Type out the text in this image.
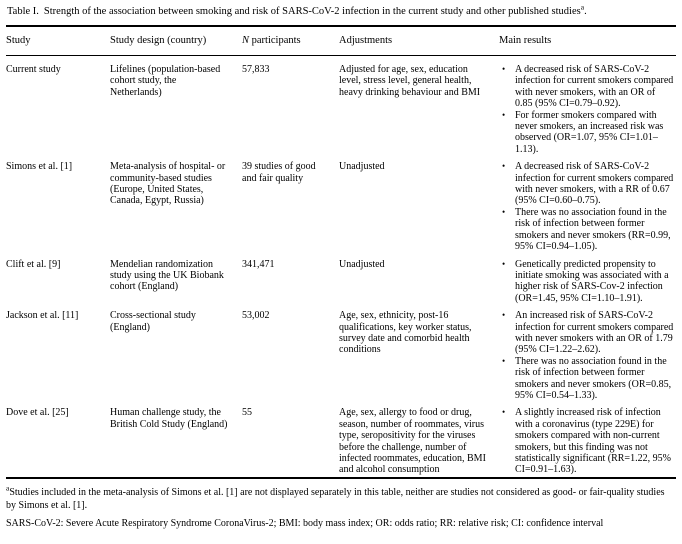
Table I. Strength of the association between smoking and risk of SARS-CoV-2 infection in the current study and other published studies$^a$.
Study	Study design (country)	N participants	Adjustments	Main results
Current study	Lifelines (population-based cohort study, the Netherlands)	57,833	Adjusted for age, sex, education level, stress level, general health, heavy drinking behaviour and BMI	• A decreased risk of SARS-CoV-2 infection for current smokers compared with never smokers, with an OR of 0.85 (95% CI=0.79–0.92).
• For former smokers compared with never smokers, an increased risk was observed (OR=1.07, 95% CI=1.01–1.13).

Simons et al. [1]	Meta-analysis of hospital- or community-based studies (Europe, United States, Canada, Egypt, Russia)	39 studies of good and fair quality	Unadjusted	• A decreased risk of SARS-CoV-2 infection for current smokers compared with never smokers, with a RR of 0.67 (95% CI=0.60–0.75).
• There was no association found in the risk of infection between former smokers and never smokers (RR=0.99, 95% CI=0.94–1.05).

Clift et al. [9]	Mendelian randomization study using the UK Biobank cohort (England)	341,471	Unadjusted	• Genetically predicted propensity to initiate smoking was associated with a higher risk of SARS-Cov-2 infection (OR=1.45, 95% CI=1.10–1.91).

Jackson et al. [11]	Cross-sectional study (England)	53,002	Age, sex, ethnicity, post-16 qualifications, key worker status, survey date and comorbid health conditions	• An increased risk of SARS-CoV-2 infection for current smokers compared with never smokers with an OR of 1.79 (95% CI=1.22–2.62).
• There was no association found in the risk of infection between former smokers and never smokers (OR=0.85, 95% CI=0.54–1.33).

Dove et al. [25]	Human challenge study, the British Cold Study (England)	55	Age, sex, allergy to food or drug, season, number of roommates, virus type, seropositivity for the viruses before the challenge, number of infected roommates, education, BMI and alcohol consumption	• A slightly increased risk of infection with a coronavirus (type 229E) for smokers compared with non-current smokers, but this finding was not statistically significant (RR=1.22, 95% CI=0.91–1.63).

$^a$Studies included in the meta-analysis of Simons et al. [1] are not displayed separately in this table, neither are studies not considered as good- or fair-quality studies by Simons et al. [1].

SARS-CoV-2: Severe Acute Respiratory Syndrome CoronaVirus-2; BMI: body mass index; OR: odds ratio; RR: relative risk; CI: confidence interval
